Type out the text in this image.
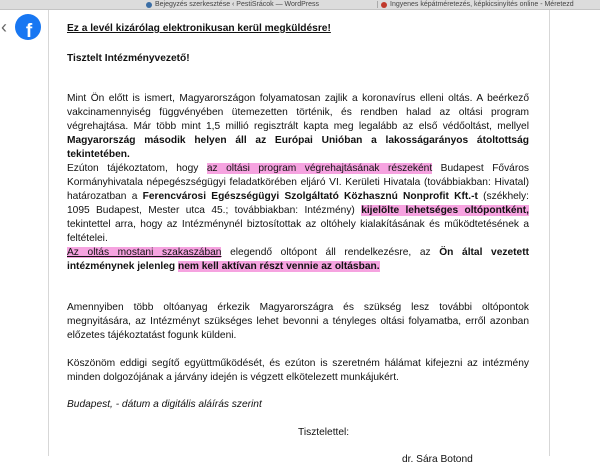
Bejegyzés szerkesztése ‹ PestiSrácok — WordPress	Ingyenes képátméretezés, képkicsinyítés online - Méretezd
‹ f	Ez a levél kizárólag elektronikusan kerül megküldésre!
Tisztelt Intézményvezető!
Mint Ön előtt is ismert, Magyarországon folyamatosan zajlik a koronavírus elleni oltás. A beérkező vakcinamennyiség függvényében ütemezetten történik, és rendben halad az oltási program végrehajtása. Már több mint 1,5 millió regisztrált kapta meg legalább az első védőoltást, mellyel Magyarország második helyen áll az Európai Unióban a lakosságarányos átoltottság tekintetében.
Ezúton tájékoztatom, hogy az oltási program végrehajtásának részeként Budapest Főváros Kormányhivatala népegészségügyi feladatkörében eljáró VI. Kerületi Hivatala (továbbiakban: Hivatal) határozatban a Ferencvárosi Egészségügyi Szolgáltató Közhasznú Nonprofit Kft.-t (székhely: 1095 Budapest, Mester utca 45.; továbbiakban: Intézmény) kijelölte lehetséges oltópontként, tekintettel arra, hogy az Intézménynél biztosítottak az oltóhely kialakításának és működtetésének a feltételei.
Az oltás mostani szakaszában elegendő oltópont áll rendelkezésre, az Ön által vezetett intézménynek jelenleg nem kell aktívan részt vennie az oltásban.
Amennyiben több oltóanyag érkezik Magyarországra és szükség lesz további oltópontok megnyitására, az Intézményt szükséges lehet bevonni a tényleges oltási folyamatba, erről azonban előzetes tájékoztatást fogunk küldeni.
Köszönöm eddigi segítő együttműködését, és ezúton is szeretném hálámat kifejezni az intézmény minden dolgozójának a járvány idején is végzett elkötelezett munkájukért.
Budapest, - dátum a digitális aláírás szerint
Tisztelettel:
dr. Sára Botond
